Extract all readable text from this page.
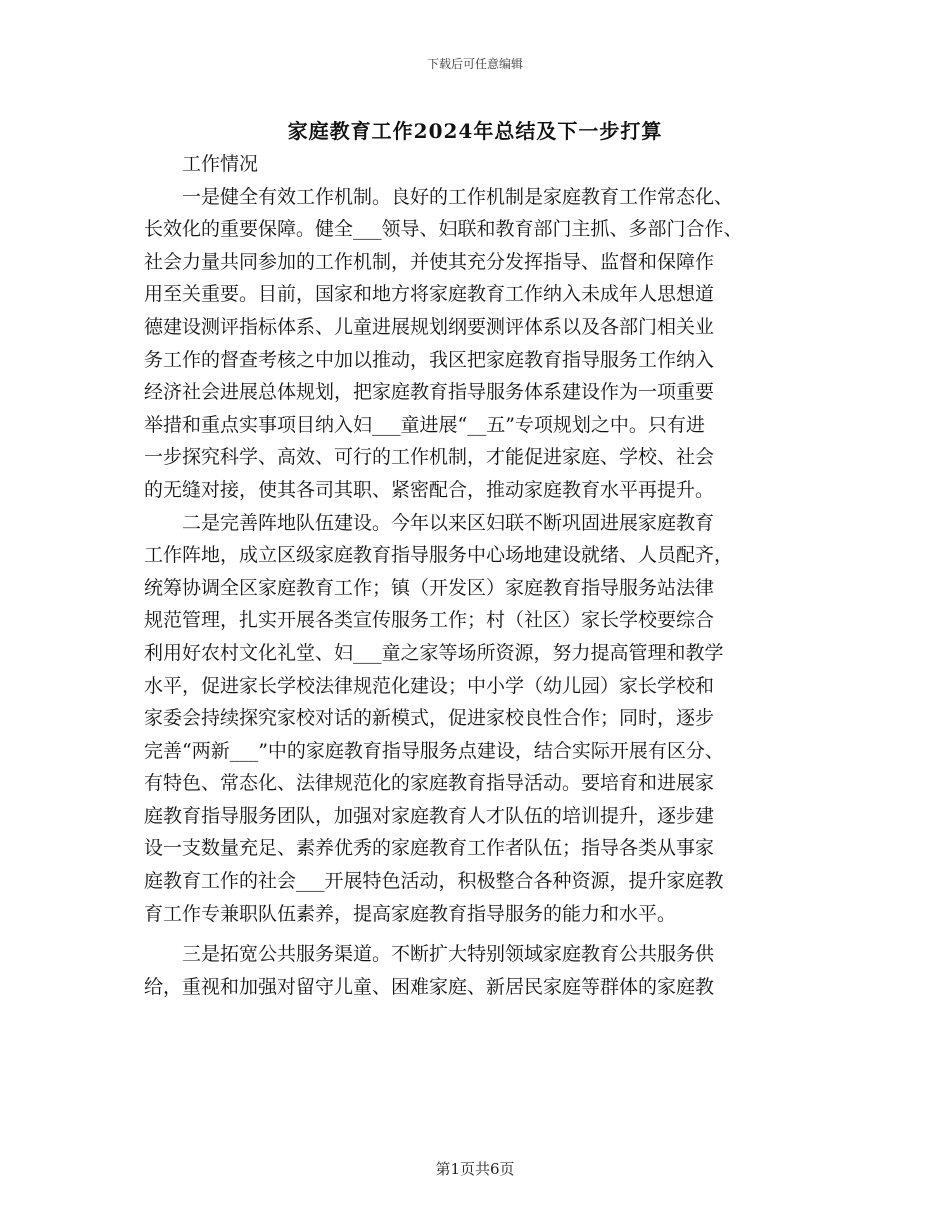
下载后可任意编辑
家庭教育工作2024年总结及下一步打算
工作情况
一是健全有效工作机制。良好的工作机制是家庭教育工作常态化、
长效化的重要保障。健全___领导、妇联和教育部门主抓、多部门合作、
社会力量共同参加的工作机制，并使其充分发挥指导、监督和保障作
用至关重要。目前，国家和地方将家庭教育工作纳入未成年人思想道
德建设测评指标体系、儿童进展规划纲要测评体系以及各部门相关业
务工作的督查考核之中加以推动，我区把家庭教育指导服务工作纳入
经济社会进展总体规划，把家庭教育指导服务体系建设作为一项重要
举措和重点实事项目纳入妇___童进展“__五”专项规划之中。只有进
一步探究科学、高效、可行的工作机制，才能促进家庭、学校、社会
的无缝对接，使其各司其职、紧密配合，推动家庭教育水平再提升。
二是完善阵地队伍建设。今年以来区妇联不断巩固进展家庭教育
工作阵地，成立区级家庭教育指导服务中心场地建设就绪、人员配齐，
统筹协调全区家庭教育工作；镇（开发区）家庭教育指导服务站法律
规范管理，扎实开展各类宣传服务工作；村（社区）家长学校要综合
利用好农村文化礼堂、妇___童之家等场所资源，努力提高管理和教学
水平，促进家长学校法律规范化建设；中小学（幼儿园）家长学校和
家委会持续探究家校对话的新模式，促进家校良性合作；同时，逐步
完善“两新___”中的家庭教育指导服务点建设，结合实际开展有区分、
有特色、常态化、法律规范化的家庭教育指导活动。要培育和进展家
庭教育指导服务团队，加强对家庭教育人才队伍的培训提升，逐步建
设一支数量充足、素养优秀的家庭教育工作者队伍；指导各类从事家
庭教育工作的社会___开展特色活动，积极整合各种资源，提升家庭教
育工作专兼职队伍素养，提高家庭教育指导服务的能力和水平。
三是拓宽公共服务渠道。不断扩大特别领域家庭教育公共服务供
给，重视和加强对留守儿童、困难家庭、新居民家庭等群体的家庭教
第1页共6页
